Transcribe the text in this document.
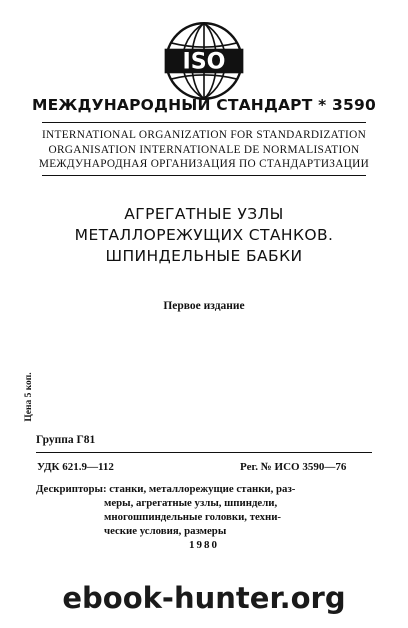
ISO
МЕЖДУНАРОДНЫЙ СТАНДАРТ * 3590
INTERNATIONAL ORGANIZATION FOR STANDARDIZATION
ORGANISATION INTERNATIONALE DE NORMALISATION
МЕЖДУНАРОДНАЯ ОРГАНИЗАЦИЯ ПО СТАНДАРТИЗАЦИИ
АГРЕГАТНЫЕ УЗЛЫ
МЕТАЛЛОРЕЖУЩИХ СТАНКОВ.
ШПИНДЕЛЬНЫЕ БАБКИ
Первое издание
Цена 5 коп.
Группа Г81
УДК 621.9—112	Рег. № ИСО 3590—76
Дескрипторы: станки, металлорежущие станки, раз-
меры, агрегатные узлы, шпиндели,
многошпиндельные головки, техни-
ческие условия, размеры
1980
ebook-hunter.org
